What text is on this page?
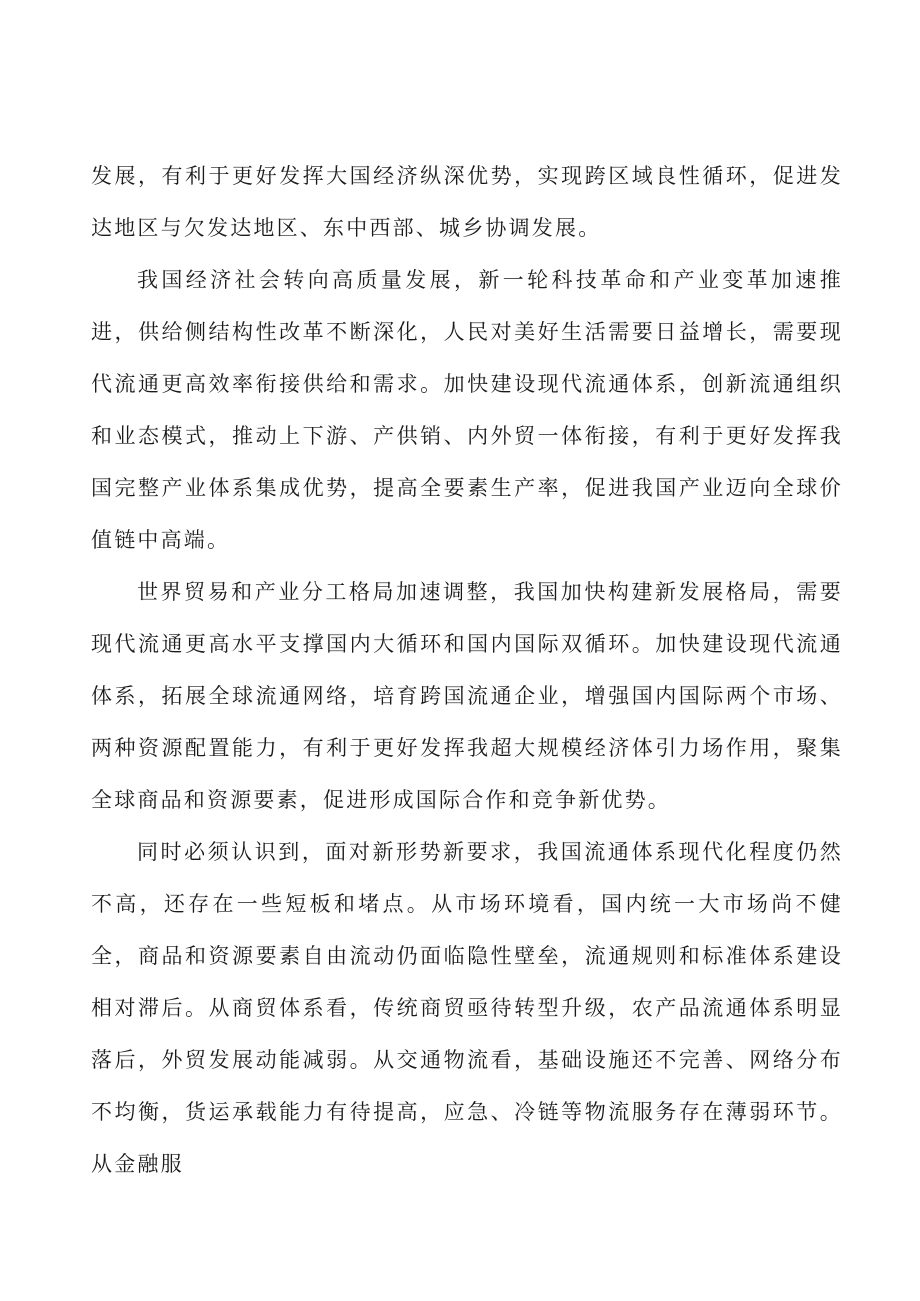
发展，有利于更好发挥大国经济纵深优势，实现跨区域良性循环，促进发达地区与欠发达地区、东中西部、城乡协调发展。

我国经济社会转向高质量发展，新一轮科技革命和产业变革加速推进，供给侧结构性改革不断深化，人民对美好生活需要日益增长，需要现代流通更高效率衔接供给和需求。加快建设现代流通体系，创新流通组织和业态模式，推动上下游、产供销、内外贸一体衔接，有利于更好发挥我国完整产业体系集成优势，提高全要素生产率，促进我国产业迈向全球价值链中高端。

世界贸易和产业分工格局加速调整，我国加快构建新发展格局，需要现代流通更高水平支撑国内大循环和国内国际双循环。加快建设现代流通体系，拓展全球流通网络，培育跨国流通企业，增强国内国际两个市场、两种资源配置能力，有利于更好发挥我超大规模经济体引力场作用，聚集全球商品和资源要素，促进形成国际合作和竞争新优势。

同时必须认识到，面对新形势新要求，我国流通体系现代化程度仍然不高，还存在一些短板和堵点。从市场环境看，国内统一大市场尚不健全，商品和资源要素自由流动仍面临隐性壁垒，流通规则和标准体系建设相对滞后。从商贸体系看，传统商贸亟待转型升级，农产品流通体系明显落后，外贸发展动能减弱。从交通物流看，基础设施还不完善、网络分布不均衡，货运承载能力有待提高，应急、冷链等物流服务存在薄弱环节。从金融服
